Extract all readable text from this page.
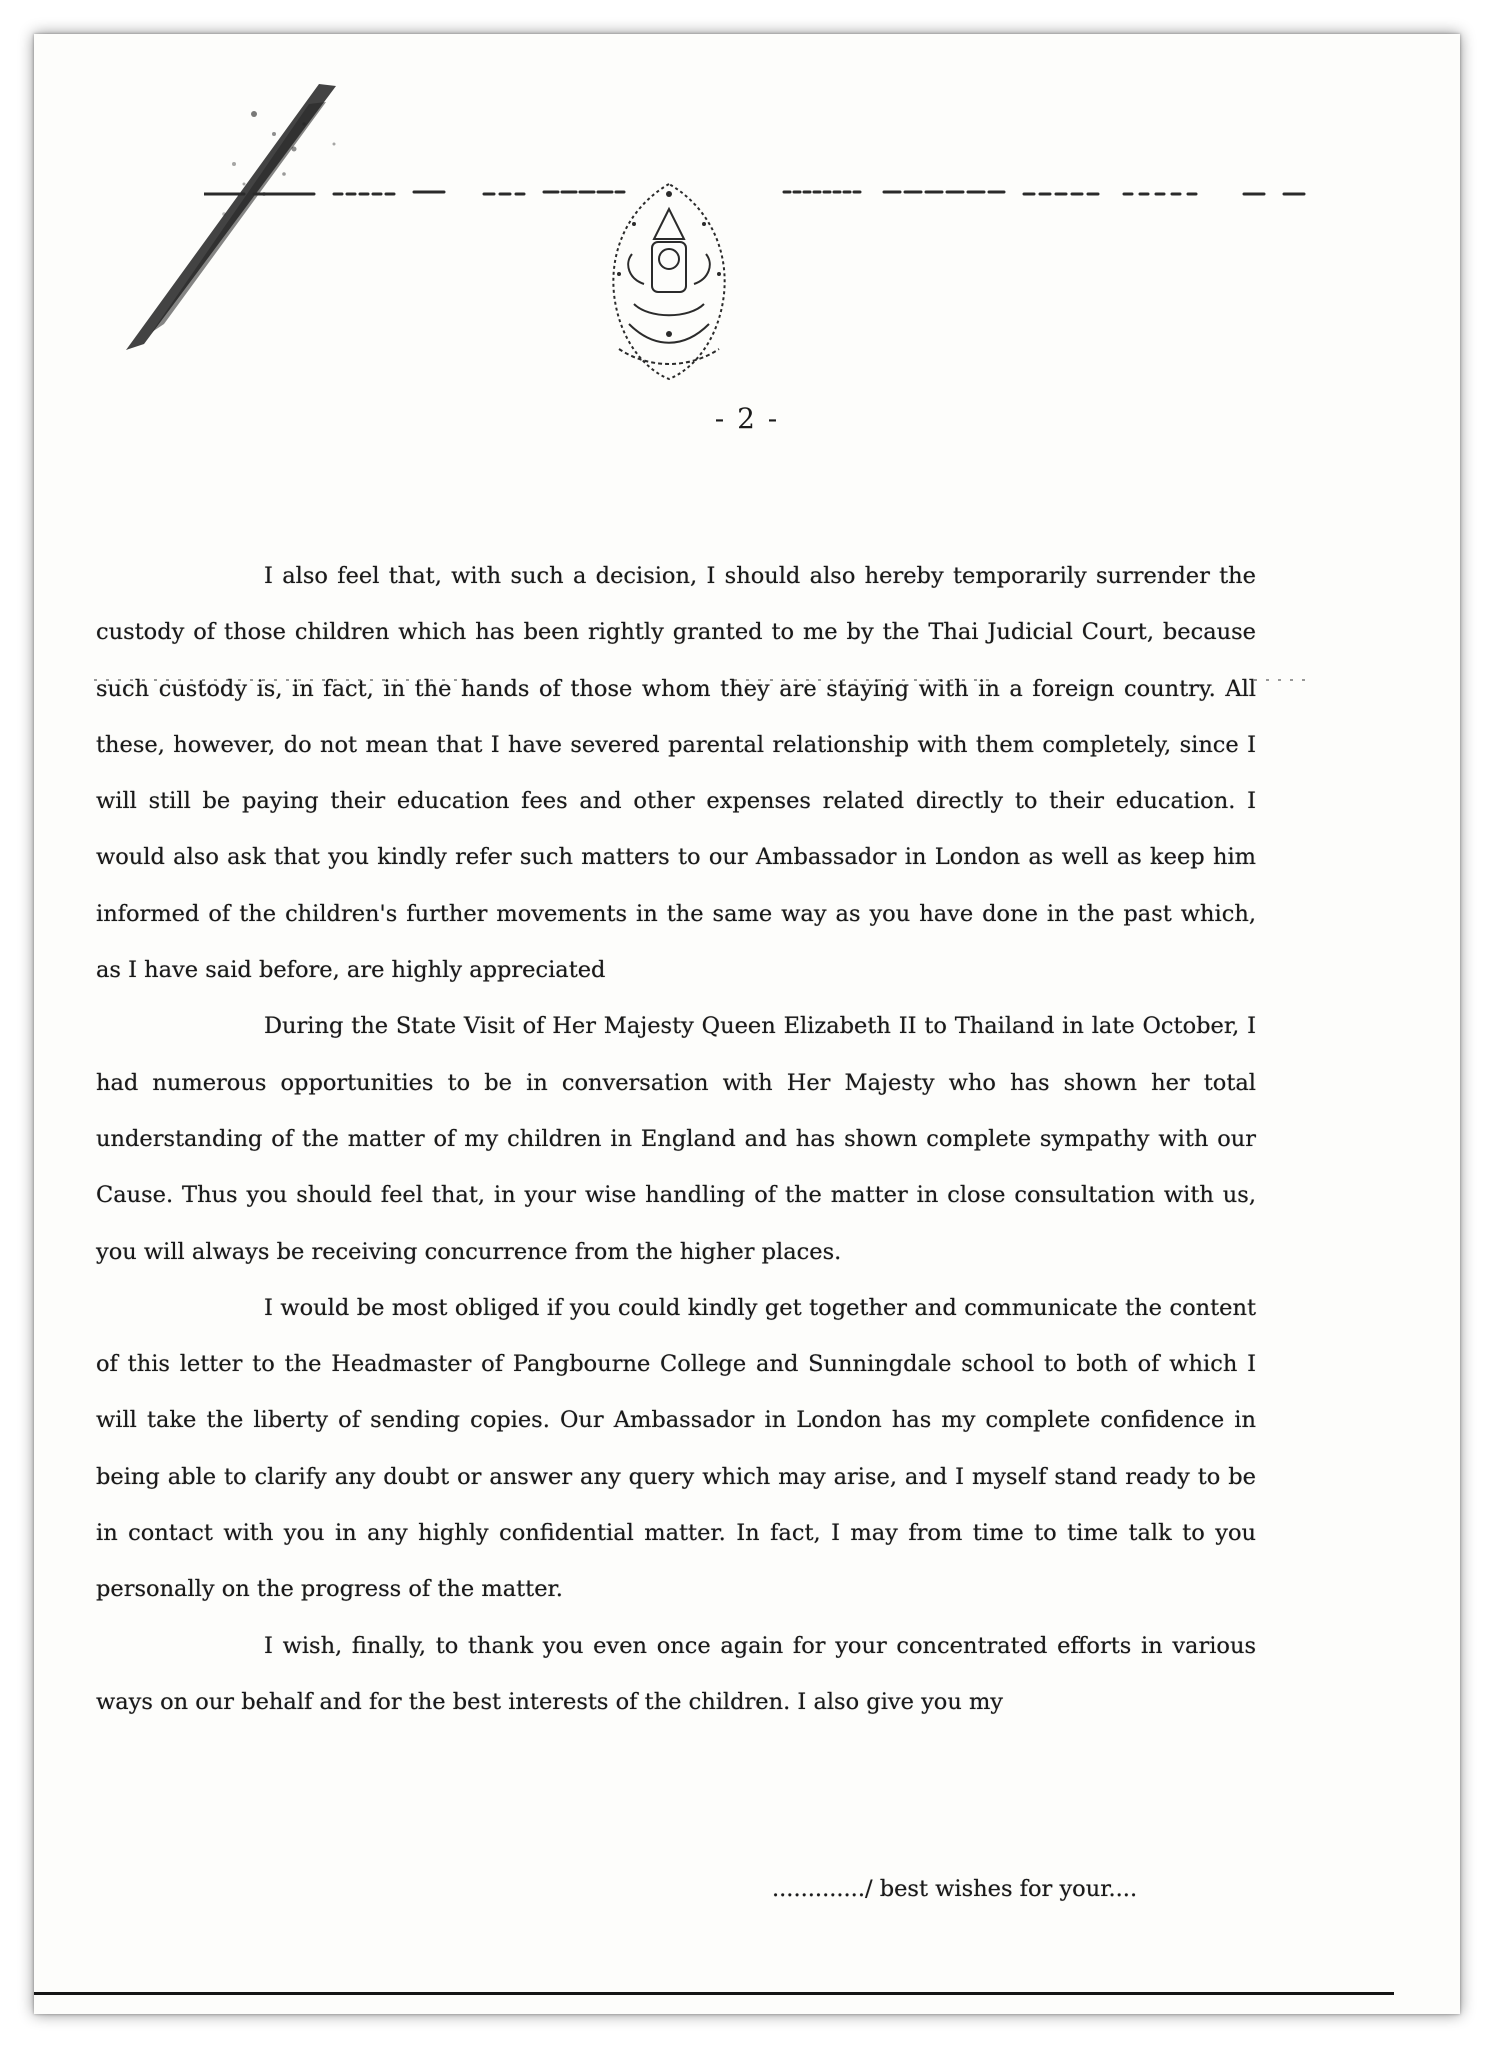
- 2 -

I also feel that, with such a decision, I should also hereby temporarily surrender the custody of those children which has been rightly granted to me by the Thai Judicial Court, because such custody is, in fact, in the hands of those whom they are staying with in a foreign country. All these, however, do not mean that I have severed parental relationship with them completely, since I will still be paying their education fees and other expenses related directly to their education. I would also ask that you kindly refer such matters to our Ambassador in London as well as keep him informed of the children's further movements in the same way as you have done in the past which, as I have said before, are highly appreciated

During the State Visit of Her Majesty Queen Elizabeth II to Thailand in late October, I had numerous opportunities to be in conversation with Her Majesty who has shown her total understanding of the matter of my children in England and has shown complete sympathy with our Cause. Thus you should feel that, in your wise handling of the matter in close consultation with us, you will always be receiving concurrence from the higher places.

I would be most obliged if you could kindly get together and communicate the content of this letter to the Headmaster of Pangbourne College and Sunningdale school to both of which I will take the liberty of sending copies. Our Ambassador in London has my complete confidence in being able to clarify any doubt or answer any query which may arise, and I myself stand ready to be in contact with you in any highly confidential matter. In fact, I may from time to time talk to you personally on the progress of the matter.

I wish, finally, to thank you even once again for your concentrated efforts in various ways on our behalf and for the best interests of the children. I also give you my

............./ best wishes for your....
